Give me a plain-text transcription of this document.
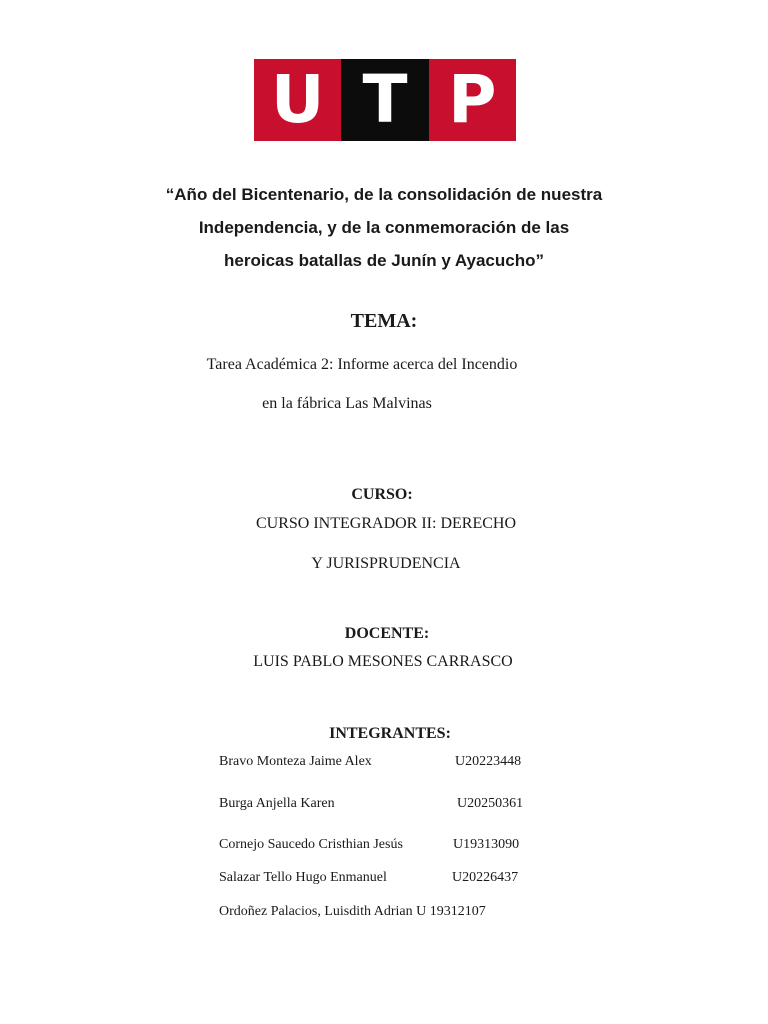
U T P
“Año del Bicentenario, de la consolidación de nuestra
Independencia, y de la conmemoración de las
heroicas batallas de Junín y Ayacucho”
TEMA:
Tarea Académica 2: Informe acerca del Incendio
en la fábrica Las Malvinas
CURSO:
CURSO INTEGRADOR II: DERECHO
Y JURISPRUDENCIA
DOCENTE:
LUIS PABLO MESONES CARRASCO
INTEGRANTES:
Bravo Monteza Jaime Alex	U20223448
Burga Anjella Karen	U20250361
Cornejo Saucedo Cristhian Jesús	U19313090
Salazar Tello Hugo Enmanuel	U20226437
Ordoñez Palacios, Luisdith Adrian U 19312107
